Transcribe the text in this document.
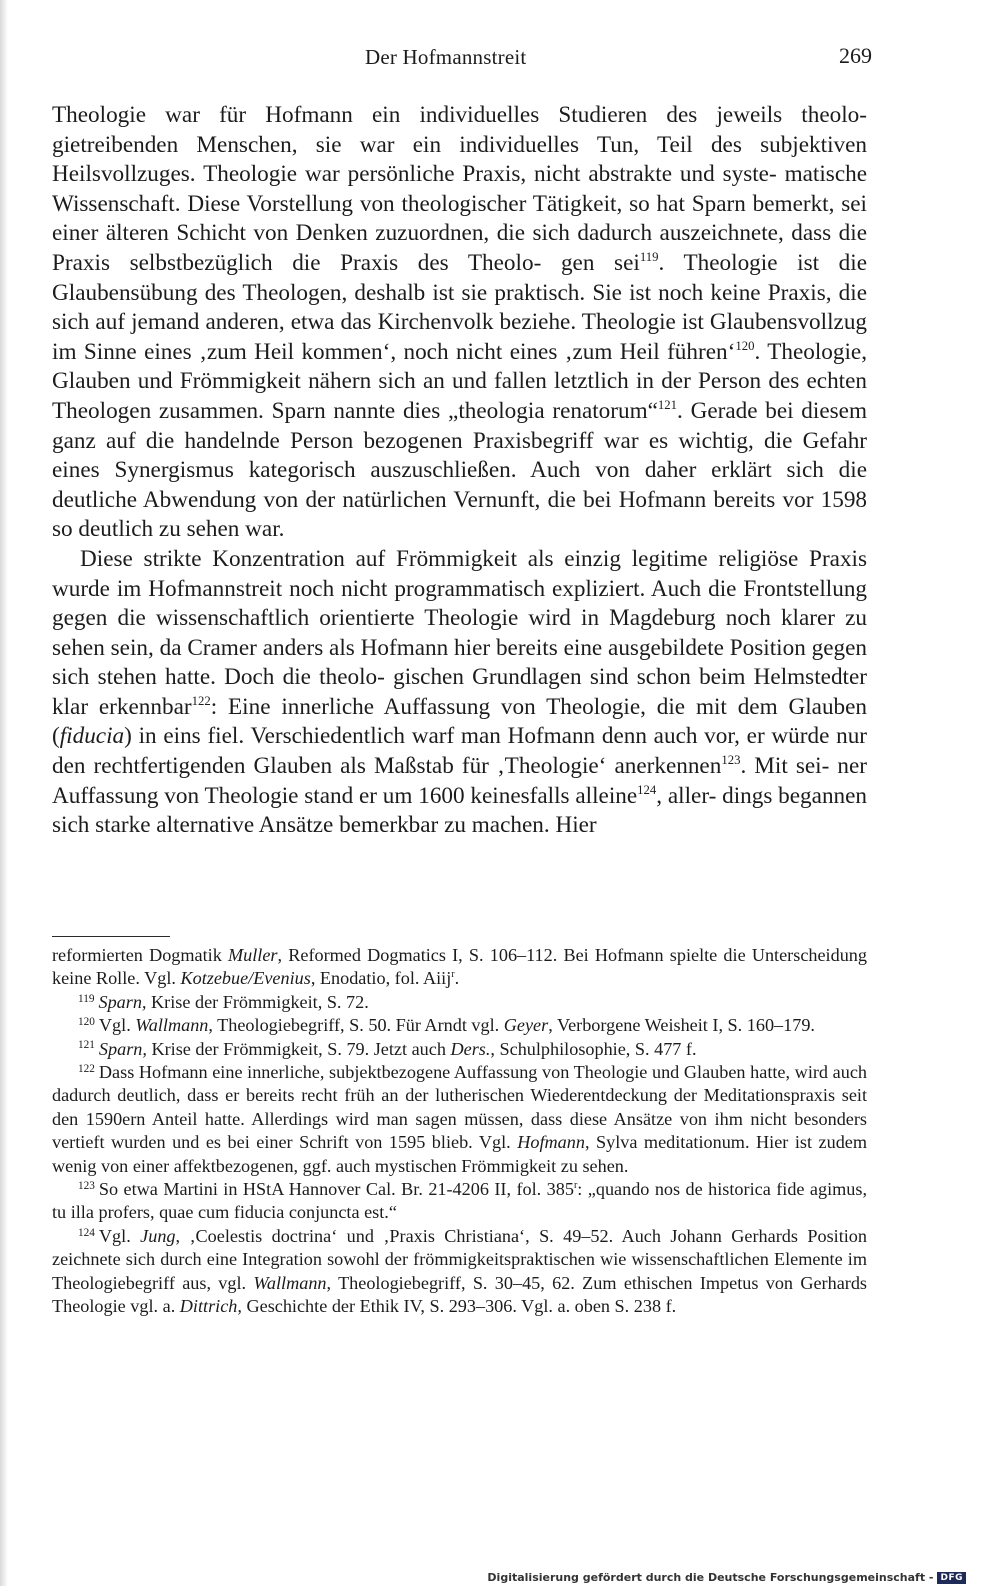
Der Hofmannstreit	269

Theologie war für Hofmann ein individuelles Studieren des jeweils theolo- gietreibenden Menschen, sie war ein individuelles Tun, Teil des subjektiven Heilsvollzuges. Theologie war persönliche Praxis, nicht abstrakte und syste- matische Wissenschaft. Diese Vorstellung von theologischer Tätigkeit, so hat Sparn bemerkt, sei einer älteren Schicht von Denken zuzuordnen, die sich dadurch auszeichnete, dass die Praxis selbstbezüglich die Praxis des Theolo- gen sei$^{119}$. Theologie ist die Glaubensübung des Theologen, deshalb ist sie praktisch. Sie ist noch keine Praxis, die sich auf jemand anderen, etwa das Kirchenvolk beziehe. Theologie ist Glaubensvollzug im Sinne eines ‚zum Heil kommen‘, noch nicht eines ‚zum Heil führen‘$^{120}$. Theologie, Glauben und Frömmigkeit nähern sich an und fallen letztlich in der Person des echten Theologen zusammen. Sparn nannte dies „theologia renatorum“$^{121}$. Gerade bei diesem ganz auf die handelnde Person bezogenen Praxisbegriff war es wichtig, die Gefahr eines Synergismus kategorisch auszuschließen. Auch von daher erklärt sich die deutliche Abwendung von der natürlichen Vernunft, die bei Hofmann bereits vor 1598 so deutlich zu sehen war.

Diese strikte Konzentration auf Frömmigkeit als einzig legitime religiöse Praxis wurde im Hofmannstreit noch nicht programmatisch expliziert. Auch die Frontstellung gegen die wissenschaftlich orientierte Theologie wird in Magdeburg noch klarer zu sehen sein, da Cramer anders als Hofmann hier bereits eine ausgebildete Position gegen sich stehen hatte. Doch die theolo- gischen Grundlagen sind schon beim Helmstedter klar erkennbar$^{122}$: Eine innerliche Auffassung von Theologie, die mit dem Glauben (fiducia) in eins fiel. Verschiedentlich warf man Hofmann denn auch vor, er würde nur den rechtfertigenden Glauben als Maßstab für ‚Theologie‘ anerkennen$^{123}$. Mit sei- ner Auffassung von Theologie stand er um 1600 keinesfalls alleine$^{124}$, aller- dings begannen sich starke alternative Ansätze bemerkbar zu machen. Hier

reformierten Dogmatik Muller, Reformed Dogmatics I, S. 106–112. Bei Hofmann spielte die Unterscheidung keine Rolle. Vgl. Kotzebue/Evenius, Enodatio, fol. Aiij$^r$.

$^{119}$ Sparn, Krise der Frömmigkeit, S. 72.

$^{120}$ Vgl. Wallmann, Theologiebegriff, S. 50. Für Arndt vgl. Geyer, Verborgene Weisheit I, S. 160–179.

$^{121}$ Sparn, Krise der Frömmigkeit, S. 79. Jetzt auch Ders., Schulphilosophie, S. 477 f.

$^{122}$ Dass Hofmann eine innerliche, subjektbezogene Auffassung von Theologie und Glauben hatte, wird auch dadurch deutlich, dass er bereits recht früh an der lutherischen Wiederentdeckung der Meditationspraxis seit den 1590ern Anteil hatte. Allerdings wird man sagen müssen, dass diese Ansätze von ihm nicht besonders vertieft wurden und es bei einer Schrift von 1595 blieb. Vgl. Hofmann, Sylva meditationum. Hier ist zudem wenig von einer affektbezogenen, ggf. auch mystischen Frömmigkeit zu sehen.

$^{123}$ So etwa Martini in HStA Hannover Cal. Br. 21-4206 II, fol. 385$^r$: „quando nos de historica fide agimus, tu illa profers, quae cum fiducia conjuncta est.“

$^{124}$ Vgl. Jung, ‚Coelestis doctrina‘ und ‚Praxis Christiana‘, S. 49–52. Auch Johann Gerhards Position zeichnete sich durch eine Integration sowohl der frömmigkeitspraktischen wie wissenschaftlichen Elemente im Theologiebegriff aus, vgl. Wallmann, Theologiebegriff, S. 30–45, 62. Zum ethischen Impetus von Gerhards Theologie vgl. a. Dittrich, Geschichte der Ethik IV, S. 293–306. Vgl. a. oben S. 238 f.

Digitalisierung gefördert durch die Deutsche Forschungsgemeinschaft - DFG
